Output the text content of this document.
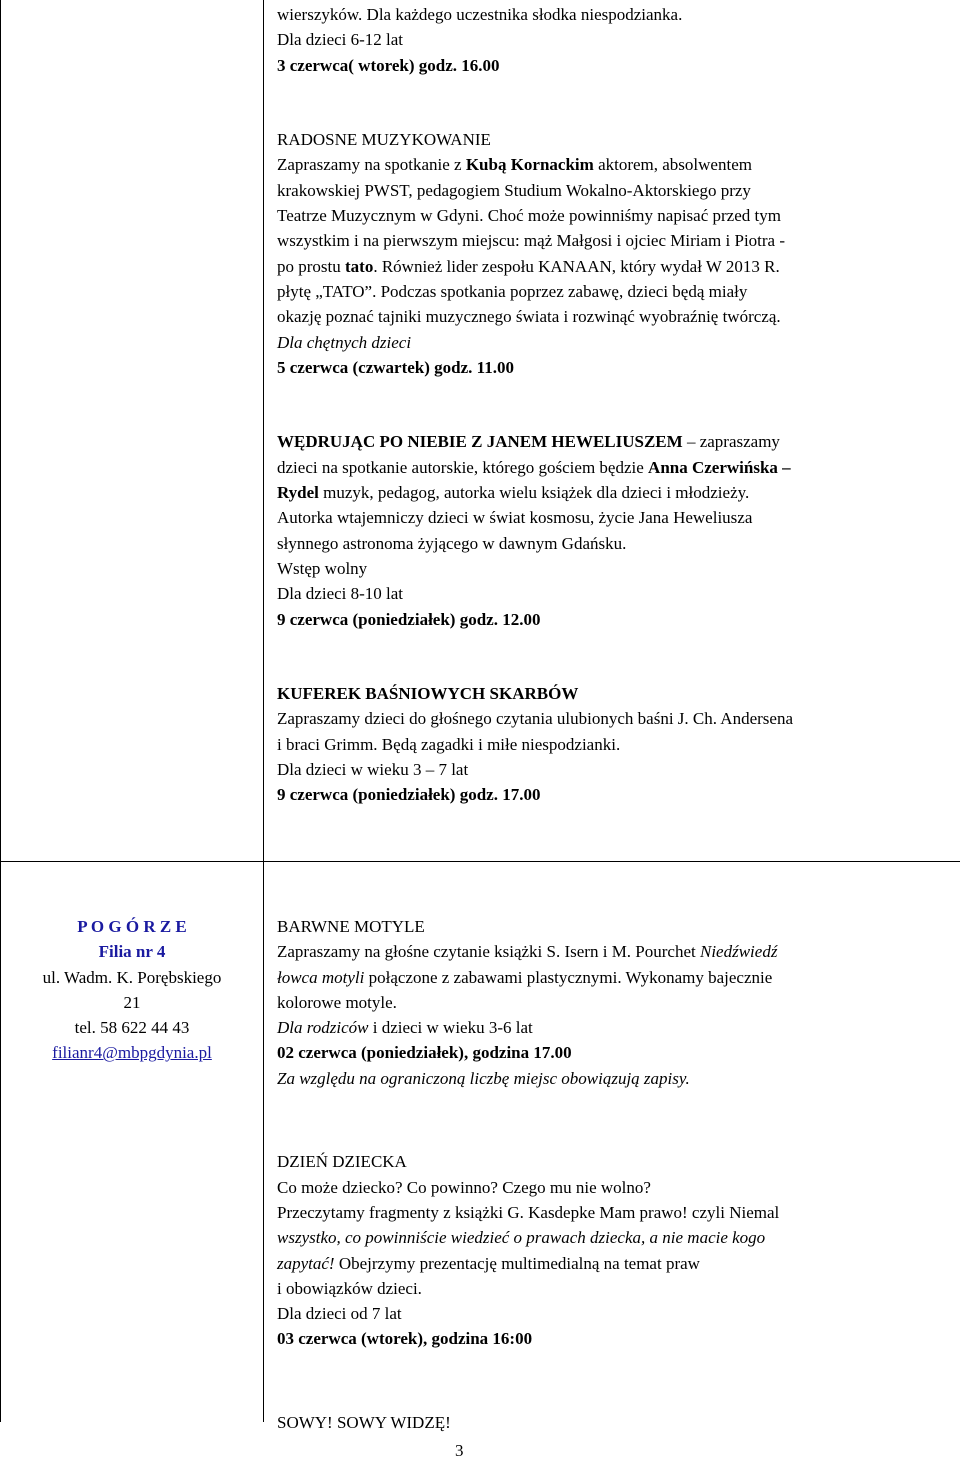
wierszyków. Dla każdego uczestnika słodka niespodzianka.
Dla dzieci 6-12 lat
3 czerwca( wtorek) godz. 16.00
RADOSNE MUZYKOWANIE
Zapraszamy na spotkanie z Kubą Kornackim aktorem, absolwentem
krakowskiej PWST, pedagogiem Studium Wokalno-Aktorskiego przy
Teatrze Muzycznym w Gdyni. Choć może powinniśmy napisać przed tym
wszystkim i na pierwszym miejscu: mąż Małgosi i ojciec Miriam i Piotra -
po prostu tato. Również lider zespołu KANAAN, który wydał W 2013 R.
płytę „TATO”. Podczas spotkania poprzez zabawę, dzieci będą miały
okazję poznać tajniki muzycznego świata i rozwinąć wyobraźnię twórczą.
Dla chętnych dzieci
5 czerwca (czwartek) godz. 11.00
WĘDRUJĄC PO NIEBIE Z JANEM HEWELIUSZEM – zapraszamy
dzieci na spotkanie autorskie, którego gościem będzie Anna Czerwińska –
Rydel muzyk, pedagog, autorka wielu książek dla dzieci i młodzieży.
Autorka wtajemniczy dzieci w świat kosmosu, życie Jana Heweliusza
słynnego astronoma żyjącego w dawnym Gdańsku.
Wstęp wolny
Dla dzieci 8-10 lat
9 czerwca (poniedziałek) godz. 12.00
KUFEREK BAŚNIOWYCH SKARBÓW
Zapraszamy dzieci do głośnego czytania ulubionych baśni J. Ch. Andersena
i braci Grimm. Będą zagadki i miłe niespodzianki.
Dla dzieci w wieku 3 – 7 lat
9 czerwca (poniedziałek) godz. 17.00
P O G Ó R Z E
Filia nr 4
ul. Wadm. K. Porębskiego
21
tel. 58 622 44 43
filianr4@mbpgdynia.pl
BARWNE MOTYLE
Zapraszamy na głośne czytanie książki S. Isern i M. Pourchet Niedźwiedź
łowca motyli połączone z zabawami plastycznymi. Wykonamy bajecznie
kolorowe motyle.
Dla rodziców i dzieci w wieku 3-6 lat
02 czerwca (poniedziałek), godzina 17.00
Za względu na ograniczoną liczbę miejsc obowiązują zapisy.
DZIEŃ DZIECKA
Co może dziecko? Co powinno? Czego mu nie wolno?
Przeczytamy fragmenty z książki G. Kasdepke Mam prawo! czyli Niemal
wszystko, co powinniście wiedzieć o prawach dziecka, a nie macie kogo
zapytać! Obejrzymy prezentację multimedialną na temat praw
i obowiązków dzieci.
Dla dzieci od 7 lat
03 czerwca (wtorek), godzina 16:00
SOWY! SOWY WIDZĘ!
3
